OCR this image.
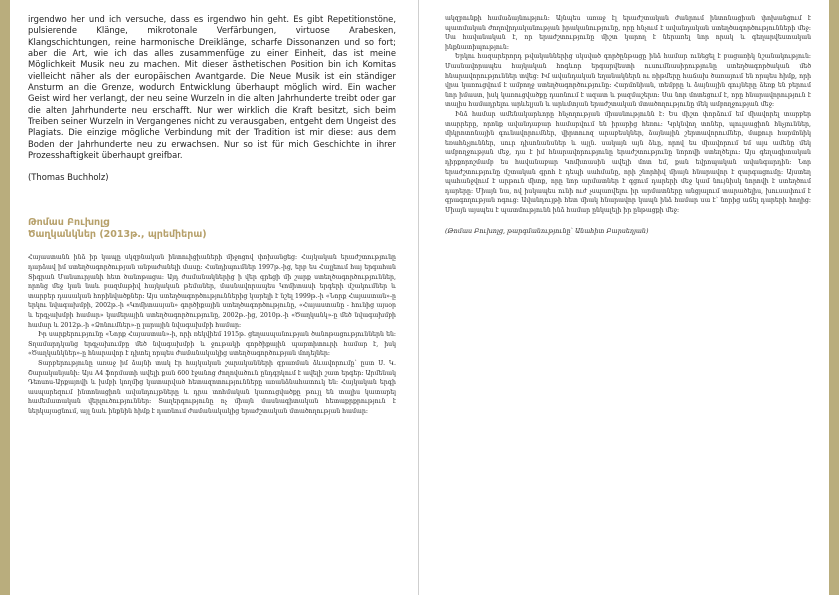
irgendwo her und ich versuche, dass es irgendwo hin geht. Es gibt Repetitionstöne, pulsierende Klänge, mikrotonale Verfärbungen, virtuose Arabesken, Klangschichtungen, reine harmonische Dreiklänge, scharfe Dissonanzen und so fort; aber die Art, wie ich das alles zusammenfüge zu einer Einheit, das ist meine Möglichkeit Musik neu zu machen. Mit dieser ästhetischen Position bin ich Komitas vielleicht näher als der europäischen Avantgarde. Die Neue Musik ist ein ständiger Ansturm an die Grenze, wodurch Entwicklung überhaupt möglich wird. Ein wacher Geist wird her verlangt, der neu seine Wurzeln in die alten Jahrhunderte treibt oder gar die alten Jahrhunderte neu erschafft. Nur wer wirklich die Kraft besitzt, sich beim Treiben seiner Wurzeln in Vergangenes nicht zu verausgaben, entgeht dem Ungeist des Plagiats. Die einzige mögliche Verbindung mit der Tradition ist mir diese: aus dem Boden der Jahrhunderte neu zu erwachsen. Nur so ist für mich Geschichte in ihrer Prozesshaftigkeit überhaupt greifbar.

(Thomas Buchholz)

Թոմաս Բուխոլց
Ծաղկանկներ (2013թ., պրեմիերա)

Հայաստանն ինձ իր կապը սկզբնական ինտուիցիաների միջոցով փոխանցեց: Հայկական երաժշտությունը դարձավ իմ ստեղծագործության անբաժանելի մասը: Հանդիպումներ 1997թ.-ից, երբ ես Հալլեում հայ երգահան Տիգրան Մանսուրյանի հետ ծանոթացա: Այդ ժամանակներից ի վեր գրեցի մի շարք ստեղծագործություններ, որոնց մեջ կան նաև բազմաթիվ հայկական թեմաներ, մասնավորապես Կոմիտասի երգերի մշակումներ և տարբեր դասական հորինվածքներ: Այս ստեղծագործություններից կարելի է նշել 1999թ.-ի «Նորք Հայաստան»-ը երկու նվագախմբի, 2002թ.-ի «Կոմիտասյան» գործիքային ստեղծագործությունը, «Հայաստանը - հունից այսօր և երգչախմբի համար» կամերային ստեղծագործությունը, 2002թ.-ից, 2010թ.-ի «Ծաղկանկ»-ը մեծ նվագախմբի համար և 2012թ.-ի «Ձոնումներ»-ը լարային նվագախմբի համար:

Իր սարքերությունը «Նորք Հայաստան»-ի, որի ռեկվիեմ 1915թ. ցեղասպանության ծանոթացություններն են: Տղամարդկանց երգչախումբը մեծ նվագախմբի և ջութակի գործիքային պարտիտուրի համար է, իսկ «Ծաղկանկներ»-ը հնարավոր է դիտել որպես ժամանակակից ստեղծագործության մոդելներ:

Տարբերությունը առաջ իմ ձայնի տակ էր հայկական շարականների գրառման ձևավորումը՝ ըստ Ս. Կ. Շարականյանի: Այս A4 ֆորմատի ավելի քան 600 էջանոց ժողովածուն ընդգրկում է ավելի շատ երգեր: Արմենակ Դեոսոս-Արքայովի և խմբի կողմից կատարված հետազոտությունները առանձնահատուկ են: Հայկական երգի ասպարեզում ինտոնացիոն ավանդույթները և դրա տոհմական կառուցվածքը թույլ են տալիս կատարել համեմատական վերլուծություններ: Տաղերգությունը ոչ միայն մասնագիտական հետաքրքրություն է ներկայացնում, այլ նաև ինքնին հիմք է դառնում ժամանակակից երաժշտական մտածողության համար:

ակզբունքի համաձայնություն: Այնպես առաջ էլ երաժշտական ժանրում ինտոնացիան փոխանցում է պատմական ժողովրդականության իրականությունը, որը հնչում է ավանդական ստեղծագործությունների մեջ: Սա հավանական է, որ երաժշտությունը միշտ կարող է ներառել նոր որակ և գեղարվեստական ինքնատիպություն:

Երկու հազարերորդ թվականներից սկսված գործընթացը ինձ համար ունեցել է բացառիկ նշանակություն: Մասնավորապես հայկական հոգևոր երգարվեստի ուսումնասիրությունը ստեղծագործական մեծ հնարավորություններ տվեց: Իմ ավանդական եղանակներն ու ռիթմերը հաճախ ծառայում են որպես հիմք, որի վրա կառուցվում է ամբողջ ստեղծագործությունը: Հարմոնիան, տեմբրը և ձայնային գույները ձեռք են բերում նոր իմաստ, իսկ կառուցվածքը դառնում է ազատ և բազմաշերտ: Սա նոր մոտեցում է, որը հնարավորություն է տալիս համադրելու արևելյան և արևմտյան երաժշտական մտածողությունը մեկ ամբողջության մեջ:

Ինձ համար ամենակարևորը հնչողության միասնությունն է: Ես միշտ փորձում եմ միավորել տարբեր տարրերը, որոնք ավանդաբար համարվում են իրարից հեռու: Կրկնվող տոներ, պուլսացիոն հնչյուններ, միկրոտոնային գունավորումներ, վիրտուոզ արաբեսկներ, ձայնային շերտավորումներ, մաքուր հարմոնիկ եռահնչյուններ, սուր դիսոնանսներ և այլն. սակայն այն ձևը, որով ես միավորում եմ այս ամենը մեկ ամբողջության մեջ, դա է իմ հնարավորությունը երաժշտությունը նորովի ստեղծելու: Այս գեղագիտական դիրքորոշմամբ ես հավանաբար Կոմիտասին ավելի մոտ եմ, քան եվրոպական ավանգարդին: Նոր երաժշտությունը մշտական գրոհ է դեպի սահմանը, որի շնորհիվ միայն հնարավոր է զարգացումը: Այստեղ պահանջվում է արթուն միտք, որը նոր արմատներ է գցում դարերի մեջ կամ նույնիսկ նորովի է ստեղծում դարերը: Միայն նա, ով իսկապես ունի ուժ չսպառվելու իր արմատները անցյալում տարածելիս, խուսափում է գրագողության ոգուց: Ավանդույթի հետ միակ հնարավոր կապն ինձ համար սա է՝ նորից աճել դարերի հողից: Միայն այսպես է պատմությունն ինձ համար ընկալելի իր ընթացքի մեջ:

(Թոմաս Բուխոլց, թարգմանությունը՝ Անահիտ Բարսեղյան)
